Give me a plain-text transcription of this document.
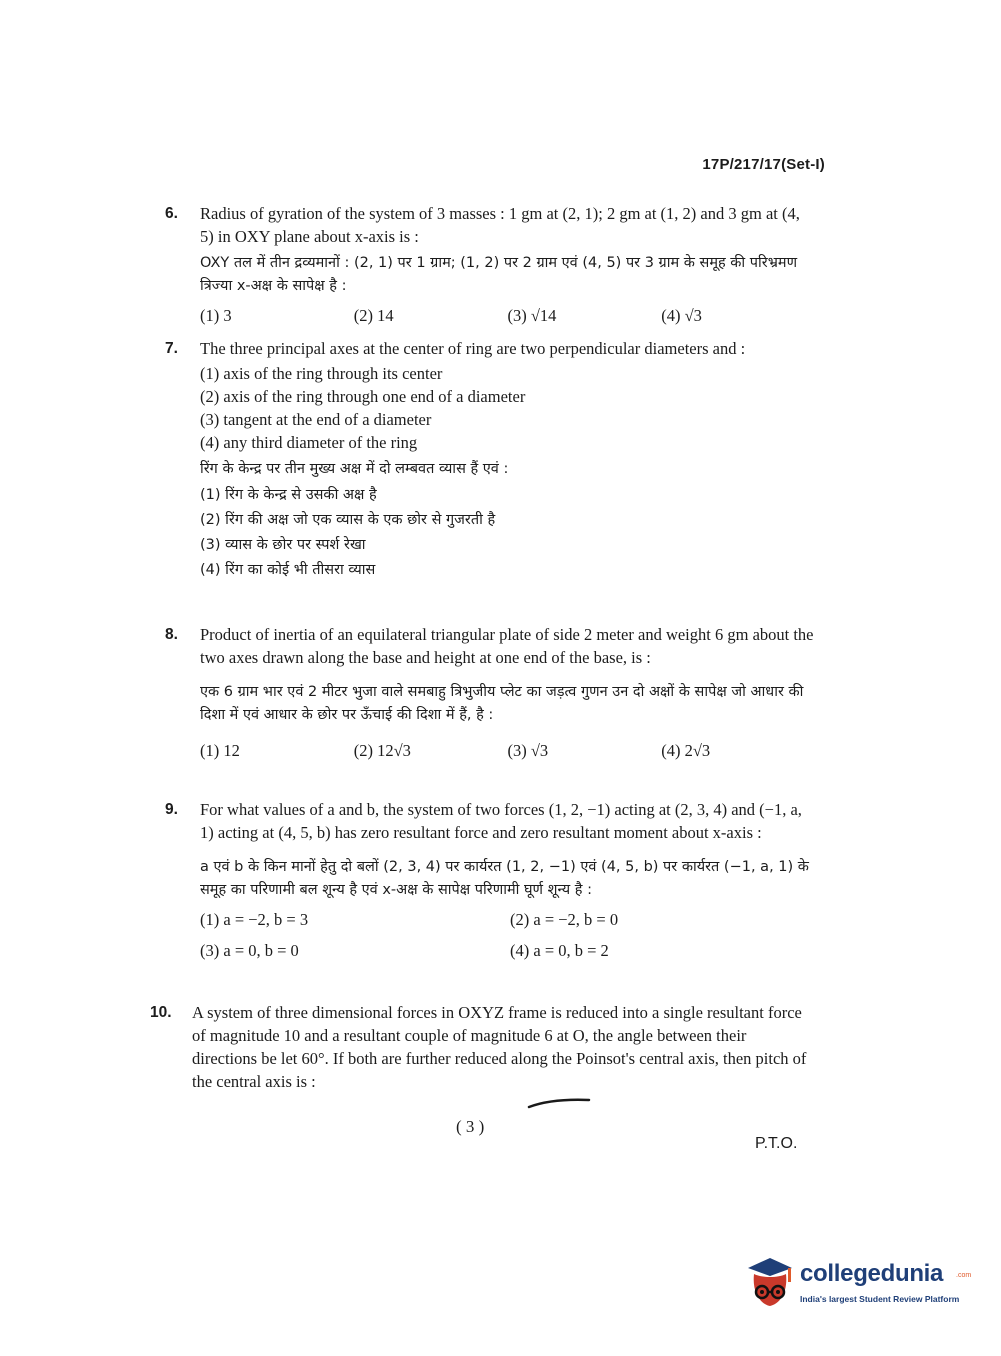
17P/217/17(Set-I)
6. Radius of gyration of the system of 3 masses : 1 gm at (2, 1); 2 gm at (1, 2) and 3 gm at (4, 5) in OXY plane about x-axis is :

OXY तल में तीन द्रव्यमानों : (2, 1) पर 1 ग्राम; (1, 2) पर 2 ग्राम एवं (4, 5) पर 3 ग्राम के समूह की परिभ्रमण त्रिज्या x-अक्ष के सापेक्ष है :

(1) 3	(2) 14	(3) √14	(4) √3
7. The three principal axes at the center of ring are two perpendicular diameters and :

(1) axis of the ring through its center
(2) axis of the ring through one end of a diameter
(3) tangent at the end of a diameter
(4) any third diameter of the ring

रिंग के केन्द्र पर तीन मुख्य अक्ष में दो लम्बवत व्यास हैं एवं :

(1) रिंग के केन्द्र से उसकी अक्ष है
(2) रिंग की अक्ष जो एक व्यास के एक छोर से गुजरती है
(3) व्यास के छोर पर स्पर्श रेखा
(4) रिंग का कोई भी तीसरा व्यास
8. Product of inertia of an equilateral triangular plate of side 2 meter and weight 6 gm about the two axes drawn along the base and height at one end of the base, is :

एक 6 ग्राम भार एवं 2 मीटर भुजा वाले समबाहु त्रिभुजीय प्लेट का जड़त्व गुणन उन दो अक्षों के सापेक्ष जो आधार की दिशा में एवं आधार के छोर पर ऊँचाई की दिशा में हैं, है :

(1) 12	(2) 12√3	(3) √3	(4) 2√3
9. For what values of a and b, the system of two forces (1, 2, −1) acting at (2, 3, 4) and (−1, a, 1) acting at (4, 5, b) has zero resultant force and zero resultant moment about x-axis :

a एवं b के किन मानों हेतु दो बलों (2, 3, 4) पर कार्यरत (1, 2, −1) एवं (4, 5, b) पर कार्यरत (−1, a, 1) के समूह का परिणामी बल शून्य है एवं x-अक्ष के सापेक्ष परिणामी घूर्ण शून्य है :

(1) a = −2, b = 3	(2) a = −2, b = 0
(3) a = 0, b = 0	(4) a = 0, b = 2
10. A system of three dimensional forces in OXYZ frame is reduced into a single resultant force of magnitude 10 and a resultant couple of magnitude 6 at O, the angle between their directions be let 60°. If both are further reduced along the Poinsot's central axis, then pitch of the central axis is :

( 3 )
P.T.O.
collegedunia .com
India's largest Student Review Platform
